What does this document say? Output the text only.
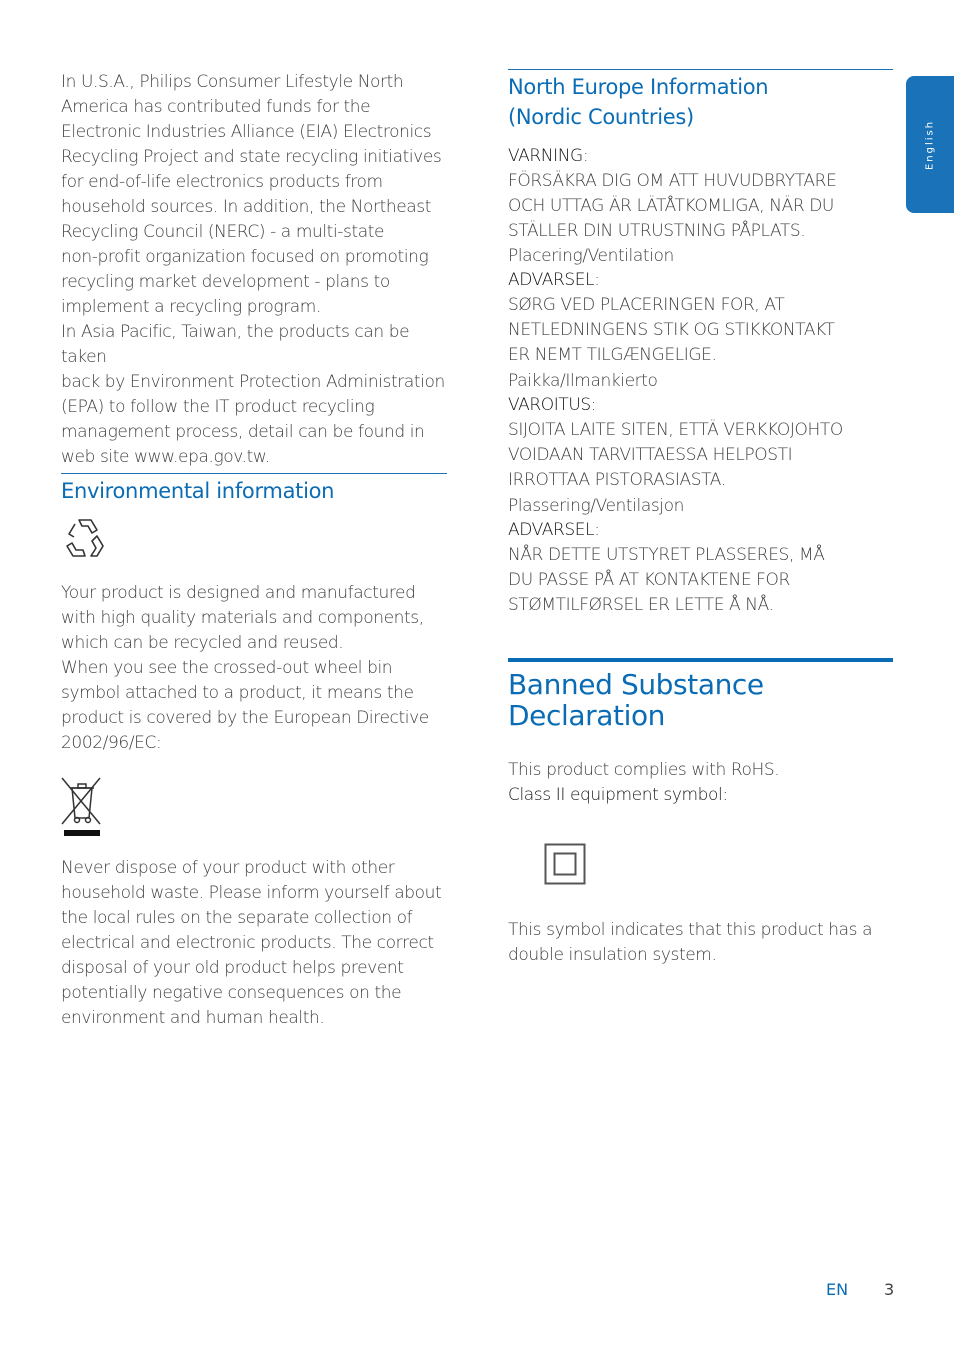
English

In U.S.A., Philips Consumer Lifestyle North
America has contributed funds for the
Electronic Industries Alliance (EIA) Electronics
Recycling Project and state recycling initiatives
for end-of-life electronics products from
household sources. In addition, the Northeast
Recycling Council (NERC) - a multi-state
non-profit organization focused on promoting
recycling market development - plans to
implement a recycling program.
In Asia Pacific, Taiwan, the products can be taken
back by Environment Protection Administration
(EPA) to follow the IT product recycling
management process, detail can be found in
web site www.epa.gov.tw.

Environmental information

Your product is designed and manufactured
with high quality materials and components,
which can be recycled and reused.
When you see the crossed-out wheel bin
symbol attached to a product, it means the
product is covered by the European Directive
2002/96/EC:

Never dispose of your product with other
household waste. Please inform yourself about
the local rules on the separate collection of
electrical and electronic products. The correct
disposal of your old product helps prevent
potentially negative consequences on the
environment and human health.

North Europe Information
(Nordic Countries)

VARNING:

FÖRSÄKRA DIG OM ATT HUVUDBRYTARE
OCH UTTAG ÄR LÄTÅTKOMLIGA, NÄR DU
STÄLLER DIN UTRUSTNING PÅPLATS.

Placering/Ventilation

ADVARSEL:

SØRG VED PLACERINGEN FOR, AT
NETLEDNINGENS STIK OG STIKKONTAKT
ER NEMT TILGÆNGELIGE.

Paikka/Ilmankierto

VAROITUS:

SIJOITA LAITE SITEN, ETTÄ VERKKOJOHTO
VOIDAAN TARVITTAESSA HELPOSTI
IRROTTAA PISTORASIASTA.

Plassering/Ventilasjon

ADVARSEL:

NÅR DETTE UTSTYRET PLASSERES, MÅ
DU PASSE PÅ AT KONTAKTENE FOR
STØMTILFØRSEL ER LETTE Å NÅ.

Banned Substance
Declaration

This product complies with RoHS.

Class II equipment symbol:

This symbol indicates that this product has a
double insulation system.

EN 3
